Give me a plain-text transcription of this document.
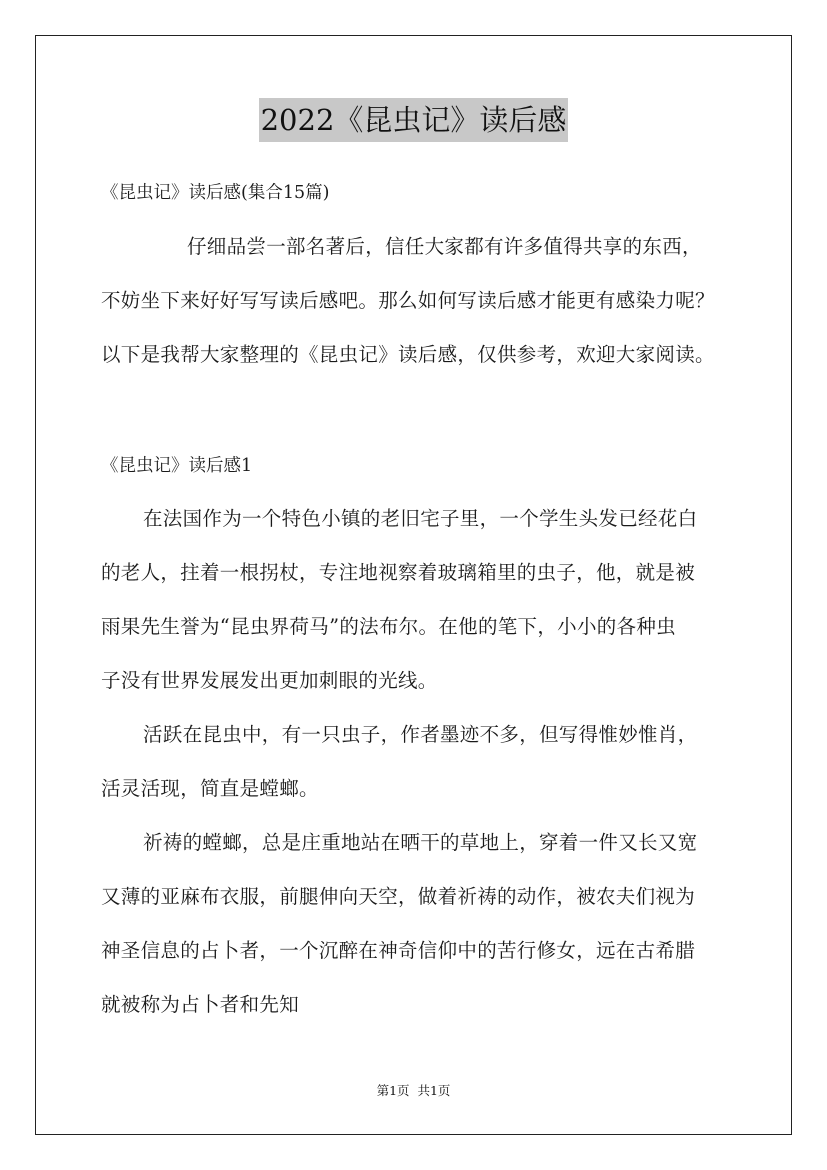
2022《昆虫记》读后感
《昆虫记》读后感(集合15篇)
仔细品尝一部名著后，信任大家都有许多值得共享的东西，
不妨坐下来好好写写读后感吧。那么如何写读后感才能更有感染力呢？
以下是我帮大家整理的《昆虫记》读后感，仅供参考，欢迎大家阅读。
《昆虫记》读后感1
在法国作为一个特色小镇的老旧宅子里，一个学生头发已经花白
的老人，拄着一根拐杖，专注地视察着玻璃箱里的虫子，他，就是被
雨果先生誉为“昆虫界荷马”的法布尔。在他的笔下，小小的各种虫
子没有世界发展发出更加刺眼的光线。
活跃在昆虫中，有一只虫子，作者墨迹不多，但写得惟妙惟肖，
活灵活现，简直是螳螂。
祈祷的螳螂，总是庄重地站在晒干的草地上，穿着一件又长又宽
又薄的亚麻布衣服，前腿伸向天空，做着祈祷的动作，被农夫们视为
神圣信息的占卜者，一个沉醉在神奇信仰中的苦行修女，远在古希腊
就被称为占卜者和先知
第1页  共1页
